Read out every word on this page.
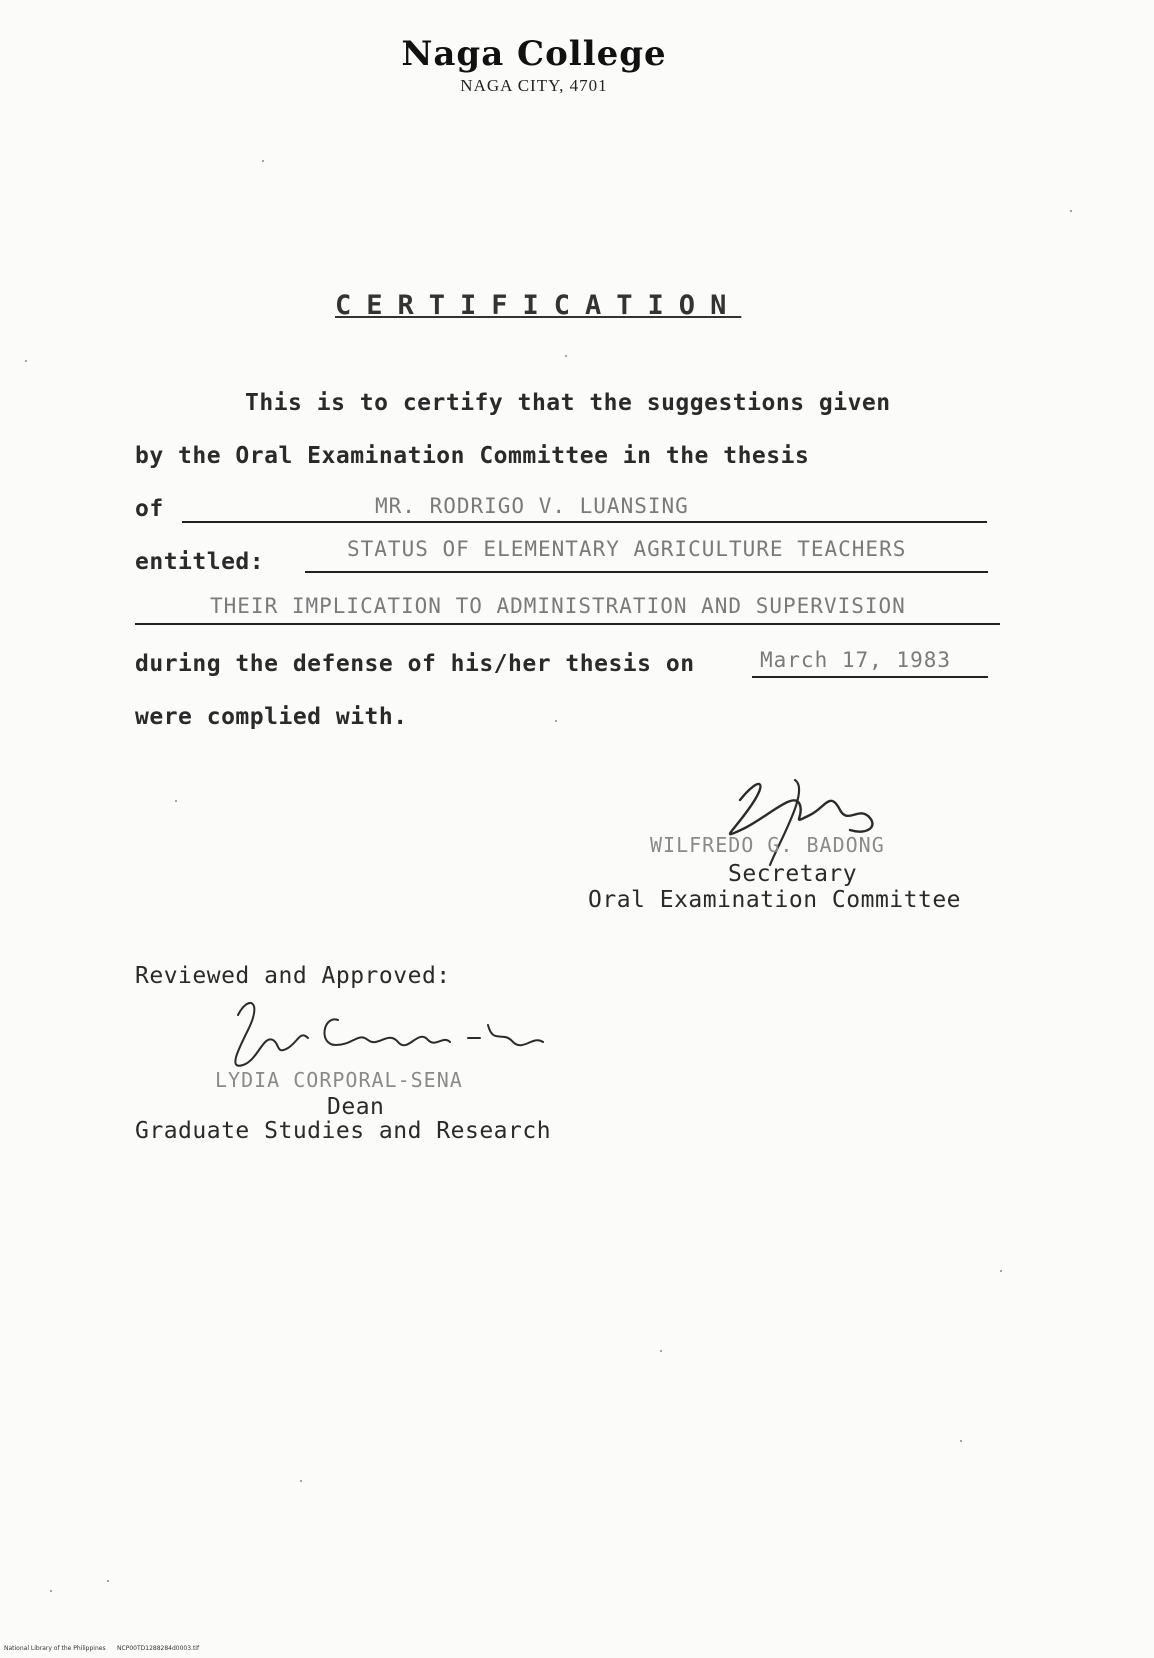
Naga College
NAGA CITY, 4701
CERTIFICATION
This is to certify that the suggestions given
by the Oral Examination Committee in the thesis
of	MR. RODRIGO V. LUANSING
entitled:	STATUS OF ELEMENTARY AGRICULTURE TEACHERS
THEIR IMPLICATION TO ADMINISTRATION AND SUPERVISION
during the defense of his/her thesis on	March 17, 1983
were complied with.
WILFREDO G. BADONG
Secretary
Oral Examination Committee
Reviewed and Approved:
LYDIA CORPORAL-SENA
Dean
Graduate Studies and Research
National Library of the Philippines NCP00TD1288284d0003.tif
